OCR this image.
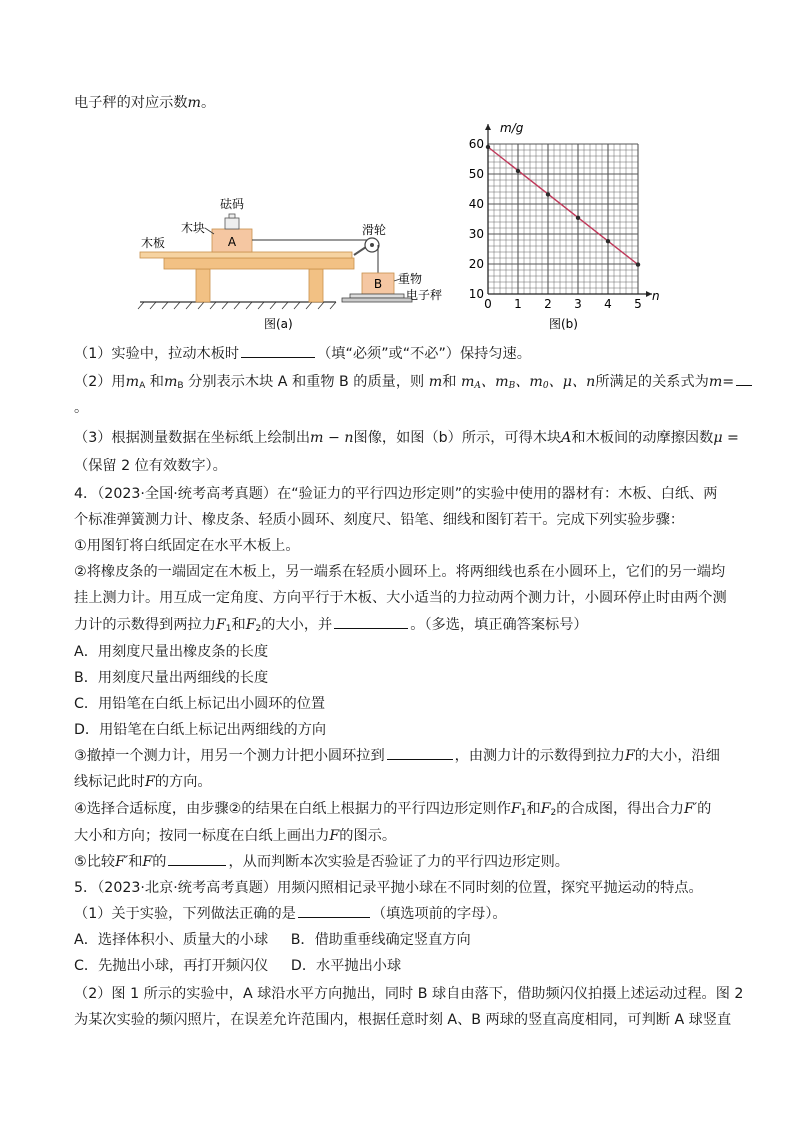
电子秤的对应示数m。
A
B
砝码
木块
木板
滑轮
重物
电子秤
图(a)
0 1 2 3 4 5
10
20
30
40
50
60
m/g
n
图(b)
（1）实验中，拉动木板时	（填“必须”或“不必”）保持匀速。
（2）用$m_A$ 和$m_B$ 分别表示木块 A 和重物 B 的质量，则 m和 $m_A$、$m_B$、$m_0$、μ、n所满足的关系式为m=
。
（3）根据测量数据在坐标纸上绘制出m − n图像，如图（b）所示，可得木块A和木板间的动摩擦因数μ =
（保留 2 位有效数字）。
4．（2023·全国·统考高考真题）在“验证力的平行四边形定则”的实验中使用的器材有：木板、白纸、两
个标准弹簧测力计、橡皮条、轻质小圆环、刻度尺、铅笔、细线和图钉若干。完成下列实验步骤：
①用图钉将白纸固定在水平木板上。
②将橡皮条的一端固定在木板上，另一端系在轻质小圆环上。将两细线也系在小圆环上，它们的另一端均
挂上测力计。用互成一定角度、方向平行于木板、大小适当的力拉动两个测力计，小圆环停止时由两个测
力计的示数得到两拉力$F_1$和$F_2$的大小，并	。（多选，填正确答案标号）
A．用刻度尺量出橡皮条的长度
B．用刻度尺量出两细线的长度
C．用铅笔在白纸上标记出小圆环的位置
D．用铅笔在白纸上标记出两细线的方向
③撤掉一个测力计，用另一个测力计把小圆环拉到	，由测力计的示数得到拉力F的大小，沿细
线标记此时F的方向。
④选择合适标度，由步骤②的结果在白纸上根据力的平行四边形定则作$F_1$和$F_2$的合成图，得出合力F′的
大小和方向；按同一标度在白纸上画出力F的图示。
⑤比较F′和F的	，从而判断本次实验是否验证了力的平行四边形定则。
5．（2023·北京·统考高考真题）用频闪照相记录平抛小球在不同时刻的位置，探究平抛运动的特点。
（1）关于实验，下列做法正确的是	（填选项前的字母）。
A．选择体积小、质量大的小球     B．借助重垂线确定竖直方向
C．先抛出小球，再打开频闪仪     D．水平抛出小球
（2）图 1 所示的实验中，A 球沿水平方向抛出，同时 B 球自由落下，借助频闪仪拍摄上述运动过程。图 2
为某次实验的频闪照片，在误差允许范围内，根据任意时刻 A、B 两球的竖直高度相同，可判断 A 球竖直
